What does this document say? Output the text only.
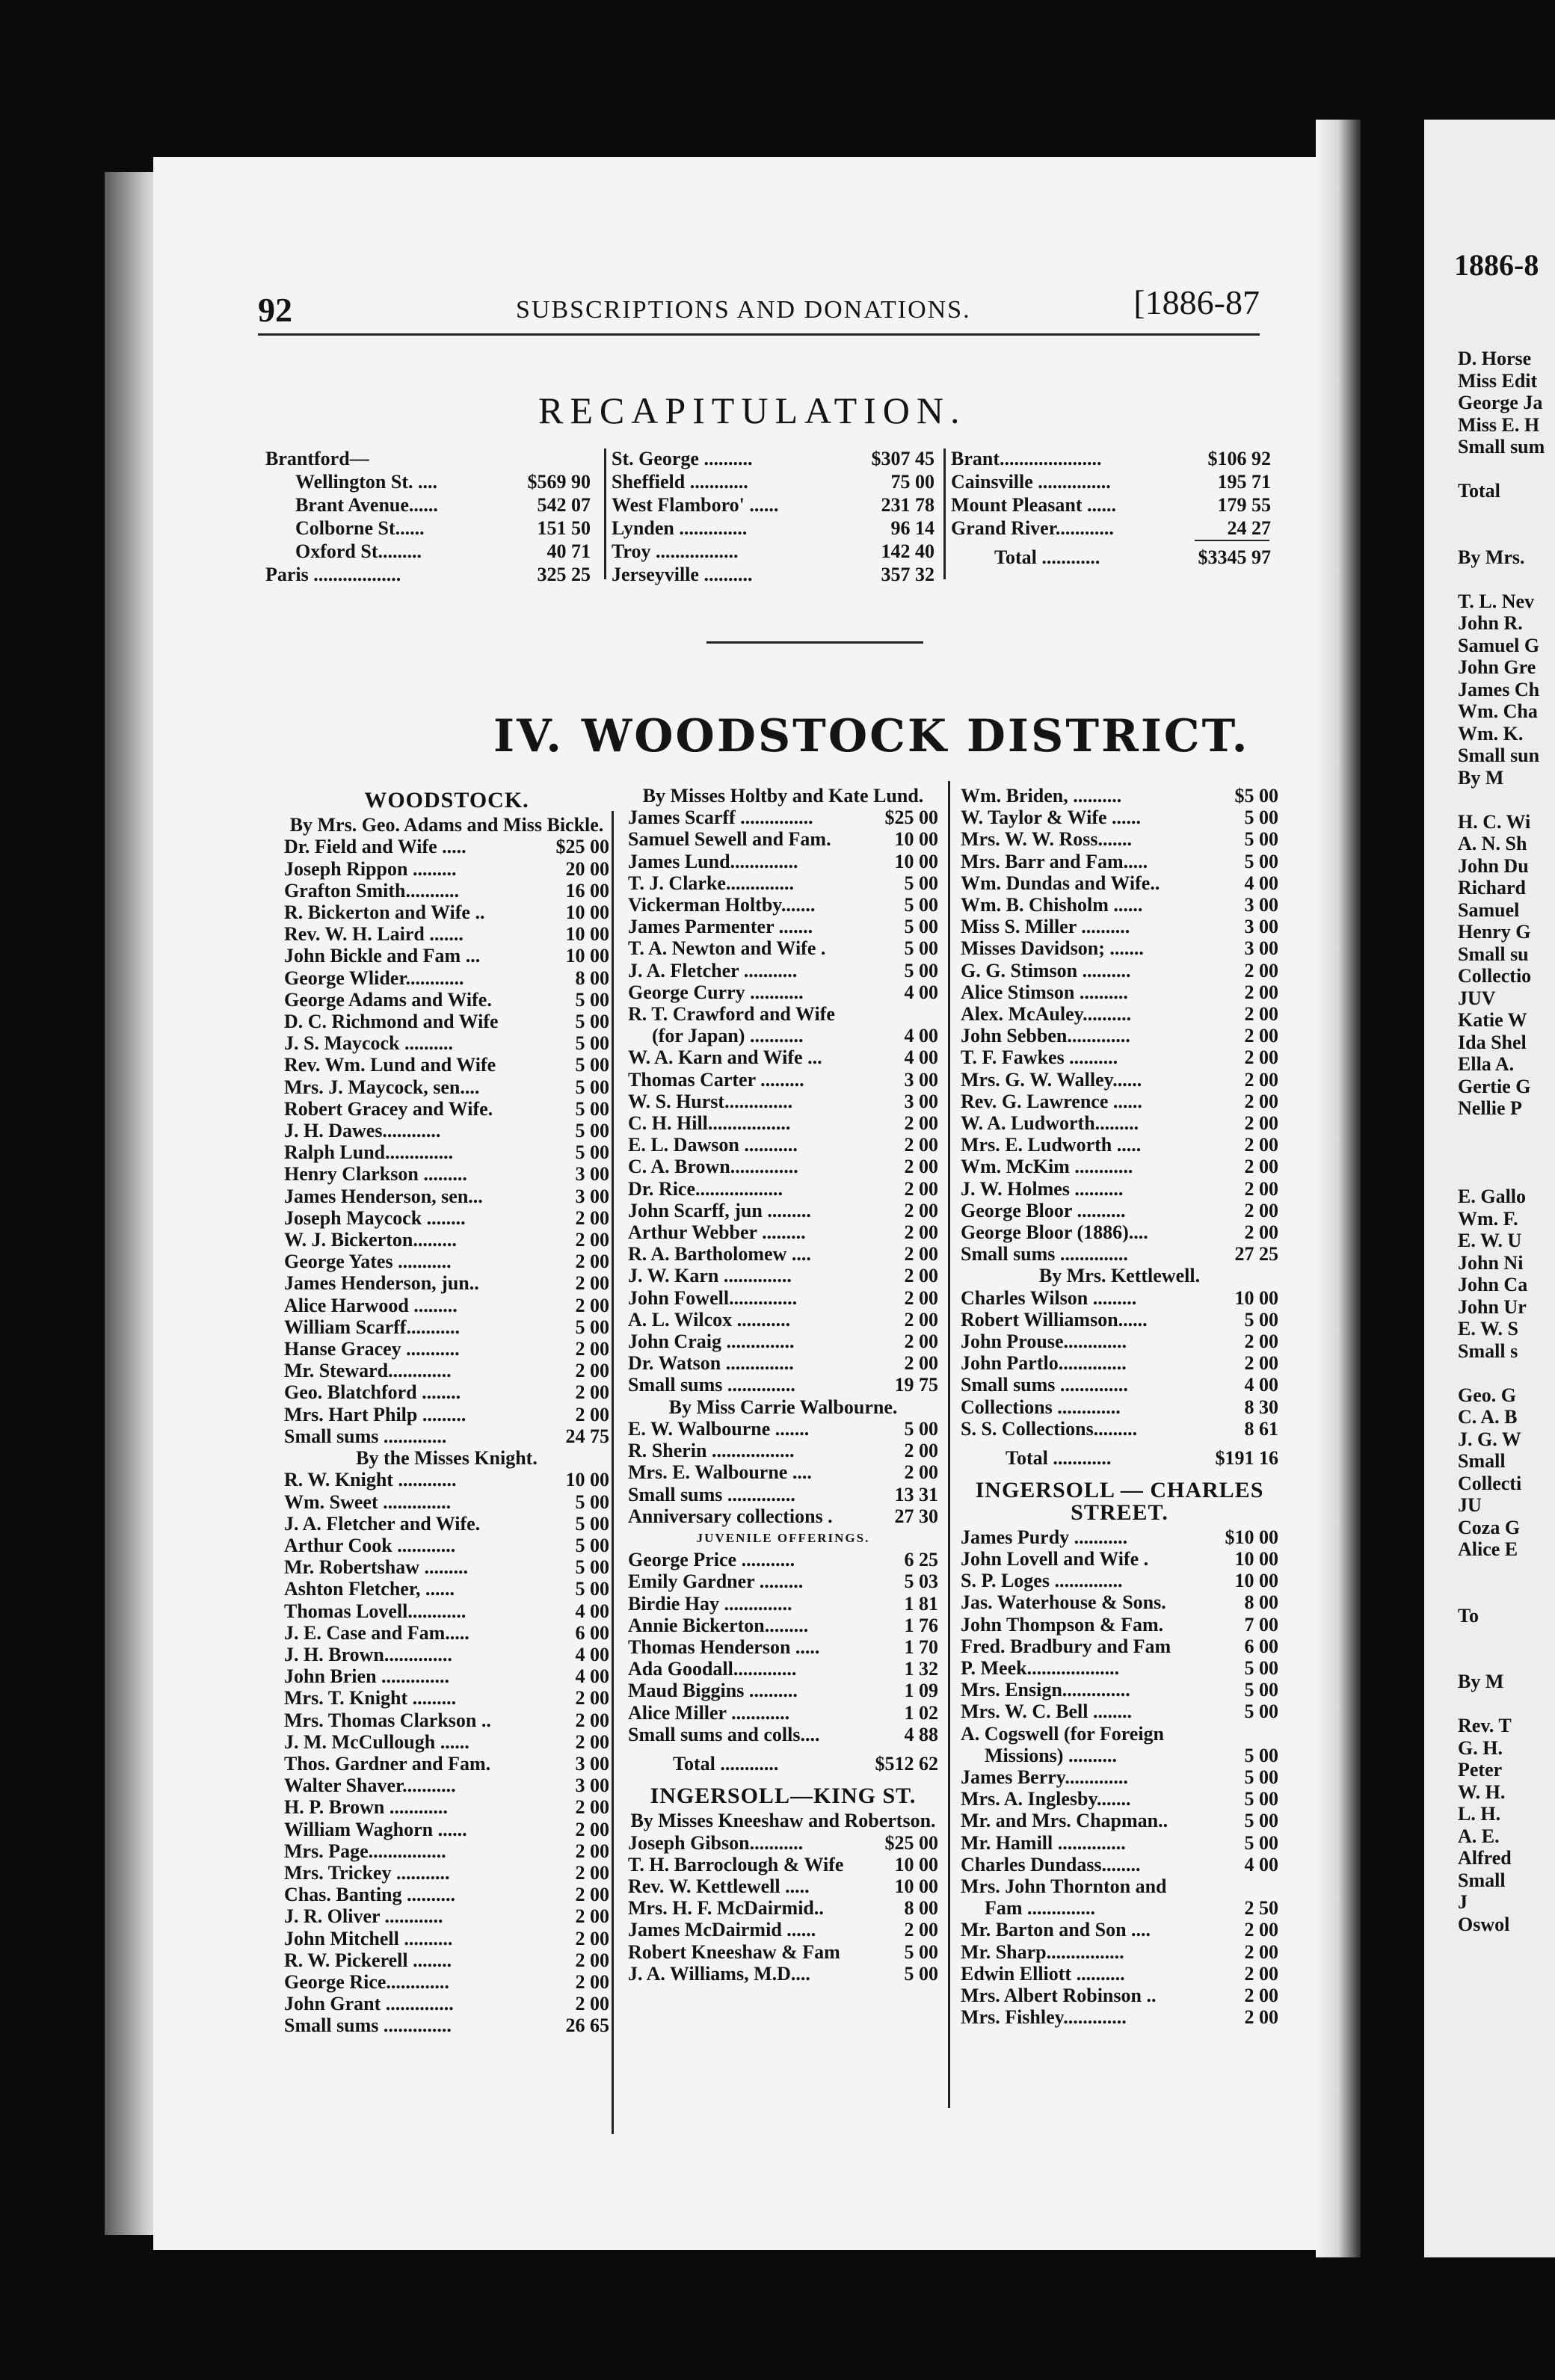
92	SUBSCRIPTIONS AND DONATIONS.	[1886-87
RECAPITULATION.
Brantford—
Wellington St. ....	$569 90
Brant Avenue......	542 07
Colborne St......	151 50
Oxford St.........	40 71
Paris ..................	325 25
St. George ..........	$307 45
Sheffield ............	75 00
West Flamboro' ......	231 78
Lynden ..............	96 14
Troy .................	142 40
Jerseyville ..........	357 32
Brant.....................	$106 92
Cainsville ...............	195 71
Mount Pleasant ......	179 55
Grand River............	24 27
Total ............	$3345 97
IV. WOODSTOCK DISTRICT.
WOODSTOCK.
By Mrs. Geo. Adams and Miss Bickle.
Dr. Field and Wife .....	$25 00
Joseph Rippon .........	20 00
Grafton Smith...........	16 00
R. Bickerton and Wife ..	10 00
Rev. W. H. Laird .......	10 00
John Bickle and Fam ...	10 00
George Wlider............	8 00
George Adams and Wife.	5 00
D. C. Richmond and Wife	5 00
J. S. Maycock ..........	5 00
Rev. Wm. Lund and Wife	5 00
Mrs. J. Maycock, sen....	5 00
Robert Gracey and Wife.	5 00
J. H. Dawes............	5 00
Ralph Lund..............	5 00
Henry Clarkson .........	3 00
James Henderson, sen...	3 00
Joseph Maycock ........	2 00
W. J. Bickerton.........	2 00
George Yates ...........	2 00
James Henderson, jun..	2 00
Alice Harwood .........	2 00
William Scarff...........	5 00
Hanse Gracey ...........	2 00
Mr. Steward.............	2 00
Geo. Blatchford ........	2 00
Mrs. Hart Philp .........	2 00
Small sums .............	24 75
By the Misses Knight.
R. W. Knight ............	10 00
Wm. Sweet ..............	5 00
J. A. Fletcher and Wife.	5 00
Arthur Cook ............	5 00
Mr. Robertshaw .........	5 00
Ashton Fletcher, ......	5 00
Thomas Lovell............	4 00
J. E. Case and Fam.....	6 00
J. H. Brown..............	4 00
John Brien ..............	4 00
Mrs. T. Knight .........	2 00
Mrs. Thomas Clarkson ..	2 00
J. M. McCullough ......	2 00
Thos. Gardner and Fam.	3 00
Walter Shaver...........	3 00
H. P. Brown ............	2 00
William Waghorn ......	2 00
Mrs. Page................	2 00
Mrs. Trickey ...........	2 00
Chas. Banting ..........	2 00
J. R. Oliver ............	2 00
John Mitchell ..........	2 00
R. W. Pickerell ........	2 00
George Rice.............	2 00
John Grant ..............	2 00
Small sums ..............	26 65
By Misses Holtby and Kate Lund.
James Scarff ...............	$25 00
Samuel Sewell and Fam.	10 00
James Lund..............	10 00
T. J. Clarke..............	5 00
Vickerman Holtby.......	5 00
James Parmenter .......	5 00
T. A. Newton and Wife .	5 00
J. A. Fletcher ...........	5 00
George Curry ...........	4 00
R. T. Crawford and Wife
(for Japan) ...........	4 00
W. A. Karn and Wife ...	4 00
Thomas Carter .........	3 00
W. S. Hurst..............	3 00
C. H. Hill.................	2 00
E. L. Dawson ...........	2 00
C. A. Brown..............	2 00
Dr. Rice..................	2 00
John Scarff, jun .........	2 00
Arthur Webber .........	2 00
R. A. Bartholomew ....	2 00
J. W. Karn ..............	2 00
John Fowell..............	2 00
A. L. Wilcox ...........	2 00
John Craig ..............	2 00
Dr. Watson ..............	2 00
Small sums ..............	19 75
By Miss Carrie Walbourne.
E. W. Walbourne .......	5 00
R. Sherin .................	2 00
Mrs. E. Walbourne ....	2 00
Small sums ..............	13 31
Anniversary collections .	27 30
JUVENILE OFFERINGS.
George Price ...........	6 25
Emily Gardner .........	5 03
Birdie Hay ..............	1 81
Annie Bickerton.........	1 76
Thomas Henderson .....	1 70
Ada Goodall.............	1 32
Maud Biggins ..........	1 09
Alice Miller ............	1 02
Small sums and colls....	4 88
Total ............	$512 62
INGERSOLL—KING ST.
By Misses Kneeshaw and Robertson.
Joseph Gibson...........	$25 00
T. H. Barroclough & Wife	10 00
Rev. W. Kettlewell .....	10 00
Mrs. H. F. McDairmid..	8 00
James McDairmid ......	2 00
Robert Kneeshaw & Fam	5 00
J. A. Williams, M.D....	5 00
Wm. Briden, ..........	$5 00
W. Taylor & Wife ......	5 00
Mrs. W. W. Ross.......	5 00
Mrs. Barr and Fam.....	5 00
Wm. Dundas and Wife..	4 00
Wm. B. Chisholm ......	3 00
Miss S. Miller ..........	3 00
Misses Davidson; .......	3 00
G. G. Stimson ..........	2 00
Alice Stimson ..........	2 00
Alex. McAuley..........	2 00
John Sebben.............	2 00
T. F. Fawkes ..........	2 00
Mrs. G. W. Walley......	2 00
Rev. G. Lawrence ......	2 00
W. A. Ludworth.........	2 00
Mrs. E. Ludworth .....	2 00
Wm. McKim ............	2 00
J. W. Holmes ..........	2 00
George Bloor ..........	2 00
George Bloor (1886)....	2 00
Small sums ..............	27 25
By Mrs. Kettlewell.
Charles Wilson .........	10 00
Robert Williamson......	5 00
John Prouse.............	2 00
John Partlo..............	2 00
Small sums ..............	4 00
Collections .............	8 30
S. S. Collections.........	8 61
Total ............	$191 16
INGERSOLL — CHARLES STREET.
James Purdy ...........	$10 00
John Lovell and Wife .	10 00
S. P. Loges ..............	10 00
Jas. Waterhouse & Sons.	8 00
John Thompson & Fam.	7 00
Fred. Bradbury and Fam	6 00
P. Meek...................	5 00
Mrs. Ensign..............	5 00
Mrs. W. C. Bell ........	5 00
A. Cogswell (for Foreign
Missions) ..........	5 00
James Berry.............	5 00
Mrs. A. Inglesby.......	5 00
Mr. and Mrs. Chapman..	5 00
Mr. Hamill ..............	5 00
Charles Dundass........	4 00
Mrs. John Thornton and
Fam ..............	2 50
Mr. Barton and Son ....	2 00
Mr. Sharp................	2 00
Edwin Elliott ..........	2 00
Mrs. Albert Robinson ..	2 00
Mrs. Fishley.............	2 00
1886-8
D. Horse
Miss Edit
George Ja
Miss E. H
Small sum

Total

By Mrs.

T. L. Nev
John R.
Samuel G
John Gre
James Ch
Wm. Cha
Wm. K.
Small sun
By M

H. C. Wi
A. N. Sh
John Du
Richard
Samuel
Henry G
Small su
Collectio
JUV
Katie W
Ida Shel
Ella A.
Gertie G
Nellie P

E. Gallo
Wm. F.
E. W. U
John Ni
John Ca
John Ur
E. W. S
Small s

Geo. G
C. A. B
J. G. W
Small
Collecti
JU
Coza G
Alice E

To

By M

Rev. T
G. H.
Peter
W. H.
L. H.
A. E.
Alfred
Small
J
Oswol
